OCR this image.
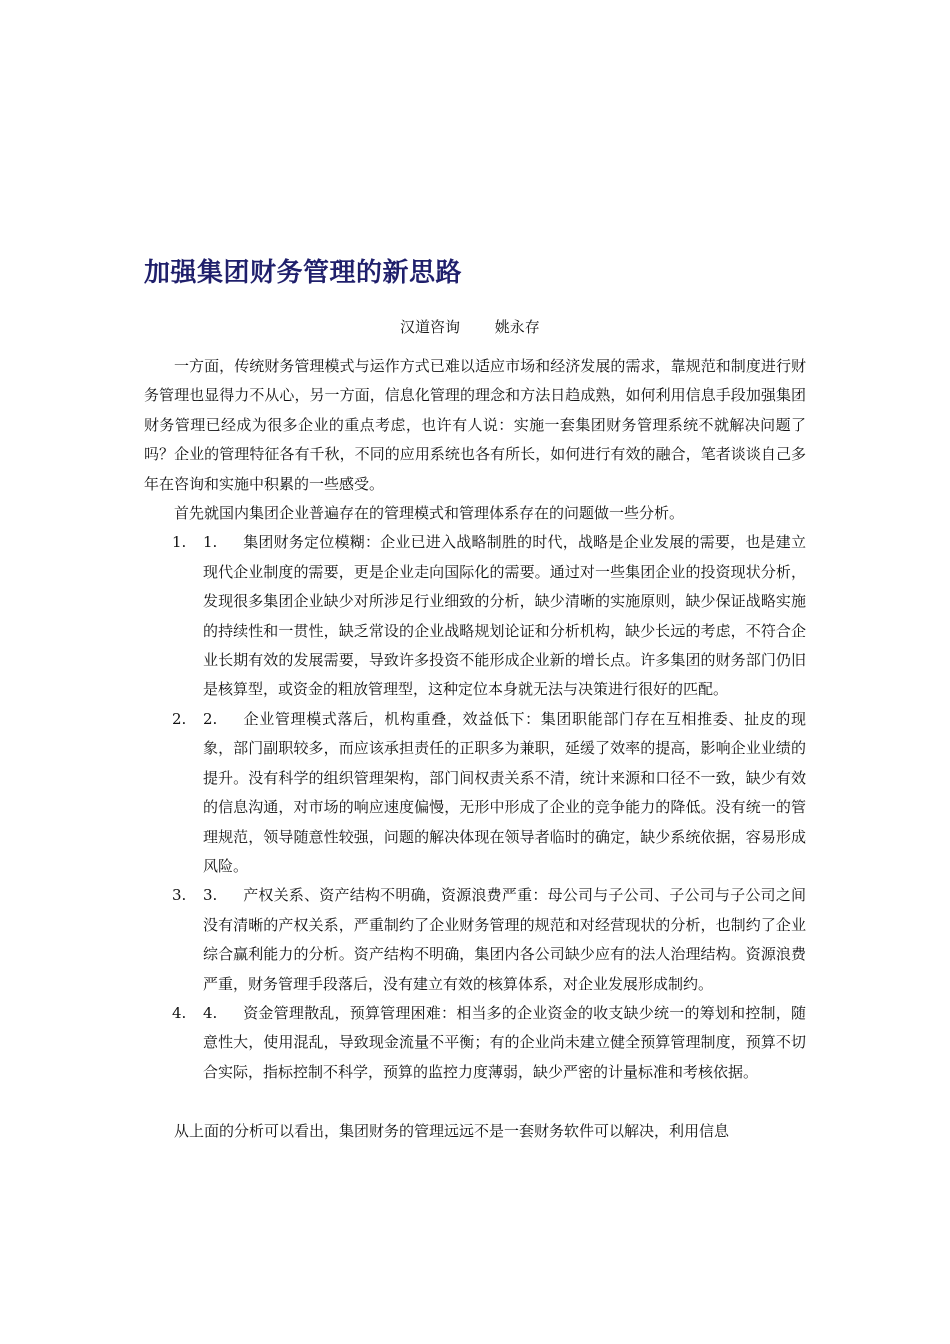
加强集团财务管理的新思路
汉道咨询 姚永存

一方面，传统财务管理模式与运作方式已难以适应市场和经济发展的需求，靠规范和制度进行财务管理也显得力不从心，另一方面，信息化管理的理念和方法日趋成熟，如何利用信息手段加强集团财务管理已经成为很多企业的重点考虑，也许有人说：实施一套集团财务管理系统不就解决问题了吗？企业的管理特征各有千秋，不同的应用系统也各有所长，如何进行有效的融合，笔者谈谈自己多年在咨询和实施中积累的一些感受。

首先就国内集团企业普遍存在的管理模式和管理体系存在的问题做一些分析。

1. 1. 集团财务定位模糊：企业已进入战略制胜的时代，战略是企业发展的需要，也是建立现代企业制度的需要，更是企业走向国际化的需要。通过对一些集团企业的投资现状分析，发现很多集团企业缺少对所涉足行业细致的分析，缺少清晰的实施原则，缺少保证战略实施的持续性和一贯性，缺乏常设的企业战略规划论证和分析机构，缺少长远的考虑，不符合企业长期有效的发展需要，导致许多投资不能形成企业新的增长点。许多集团的财务部门仍旧是核算型，或资金的粗放管理型，这种定位本身就无法与决策进行很好的匹配。
2. 2. 企业管理模式落后，机构重叠，效益低下：集团职能部门存在互相推委、扯皮的现象，部门副职较多，而应该承担责任的正职多为兼职，延缓了效率的提高，影响企业业绩的提升。没有科学的组织管理架构，部门间权责关系不清，统计来源和口径不一致，缺少有效的信息沟通，对市场的响应速度偏慢，无形中形成了企业的竞争能力的降低。没有统一的管理规范，领导随意性较强，问题的解决体现在领导者临时的确定，缺少系统依据，容易形成风险。
3. 3. 产权关系、资产结构不明确，资源浪费严重：母公司与子公司、子公司与子公司之间没有清晰的产权关系，严重制约了企业财务管理的规范和对经营现状的分析，也制约了企业综合赢利能力的分析。资产结构不明确，集团内各公司缺少应有的法人治理结构。资源浪费严重，财务管理手段落后，没有建立有效的核算体系，对企业发展形成制约。
4. 4. 资金管理散乱，预算管理困难：相当多的企业资金的收支缺少统一的筹划和控制，随意性大，使用混乱，导致现金流量不平衡；有的企业尚未建立健全预算管理制度，预算不切合实际，指标控制不科学，预算的监控力度薄弱，缺少严密的计量标准和考核依据。

从上面的分析可以看出，集团财务的管理远远不是一套财务软件可以解决，利用信息
